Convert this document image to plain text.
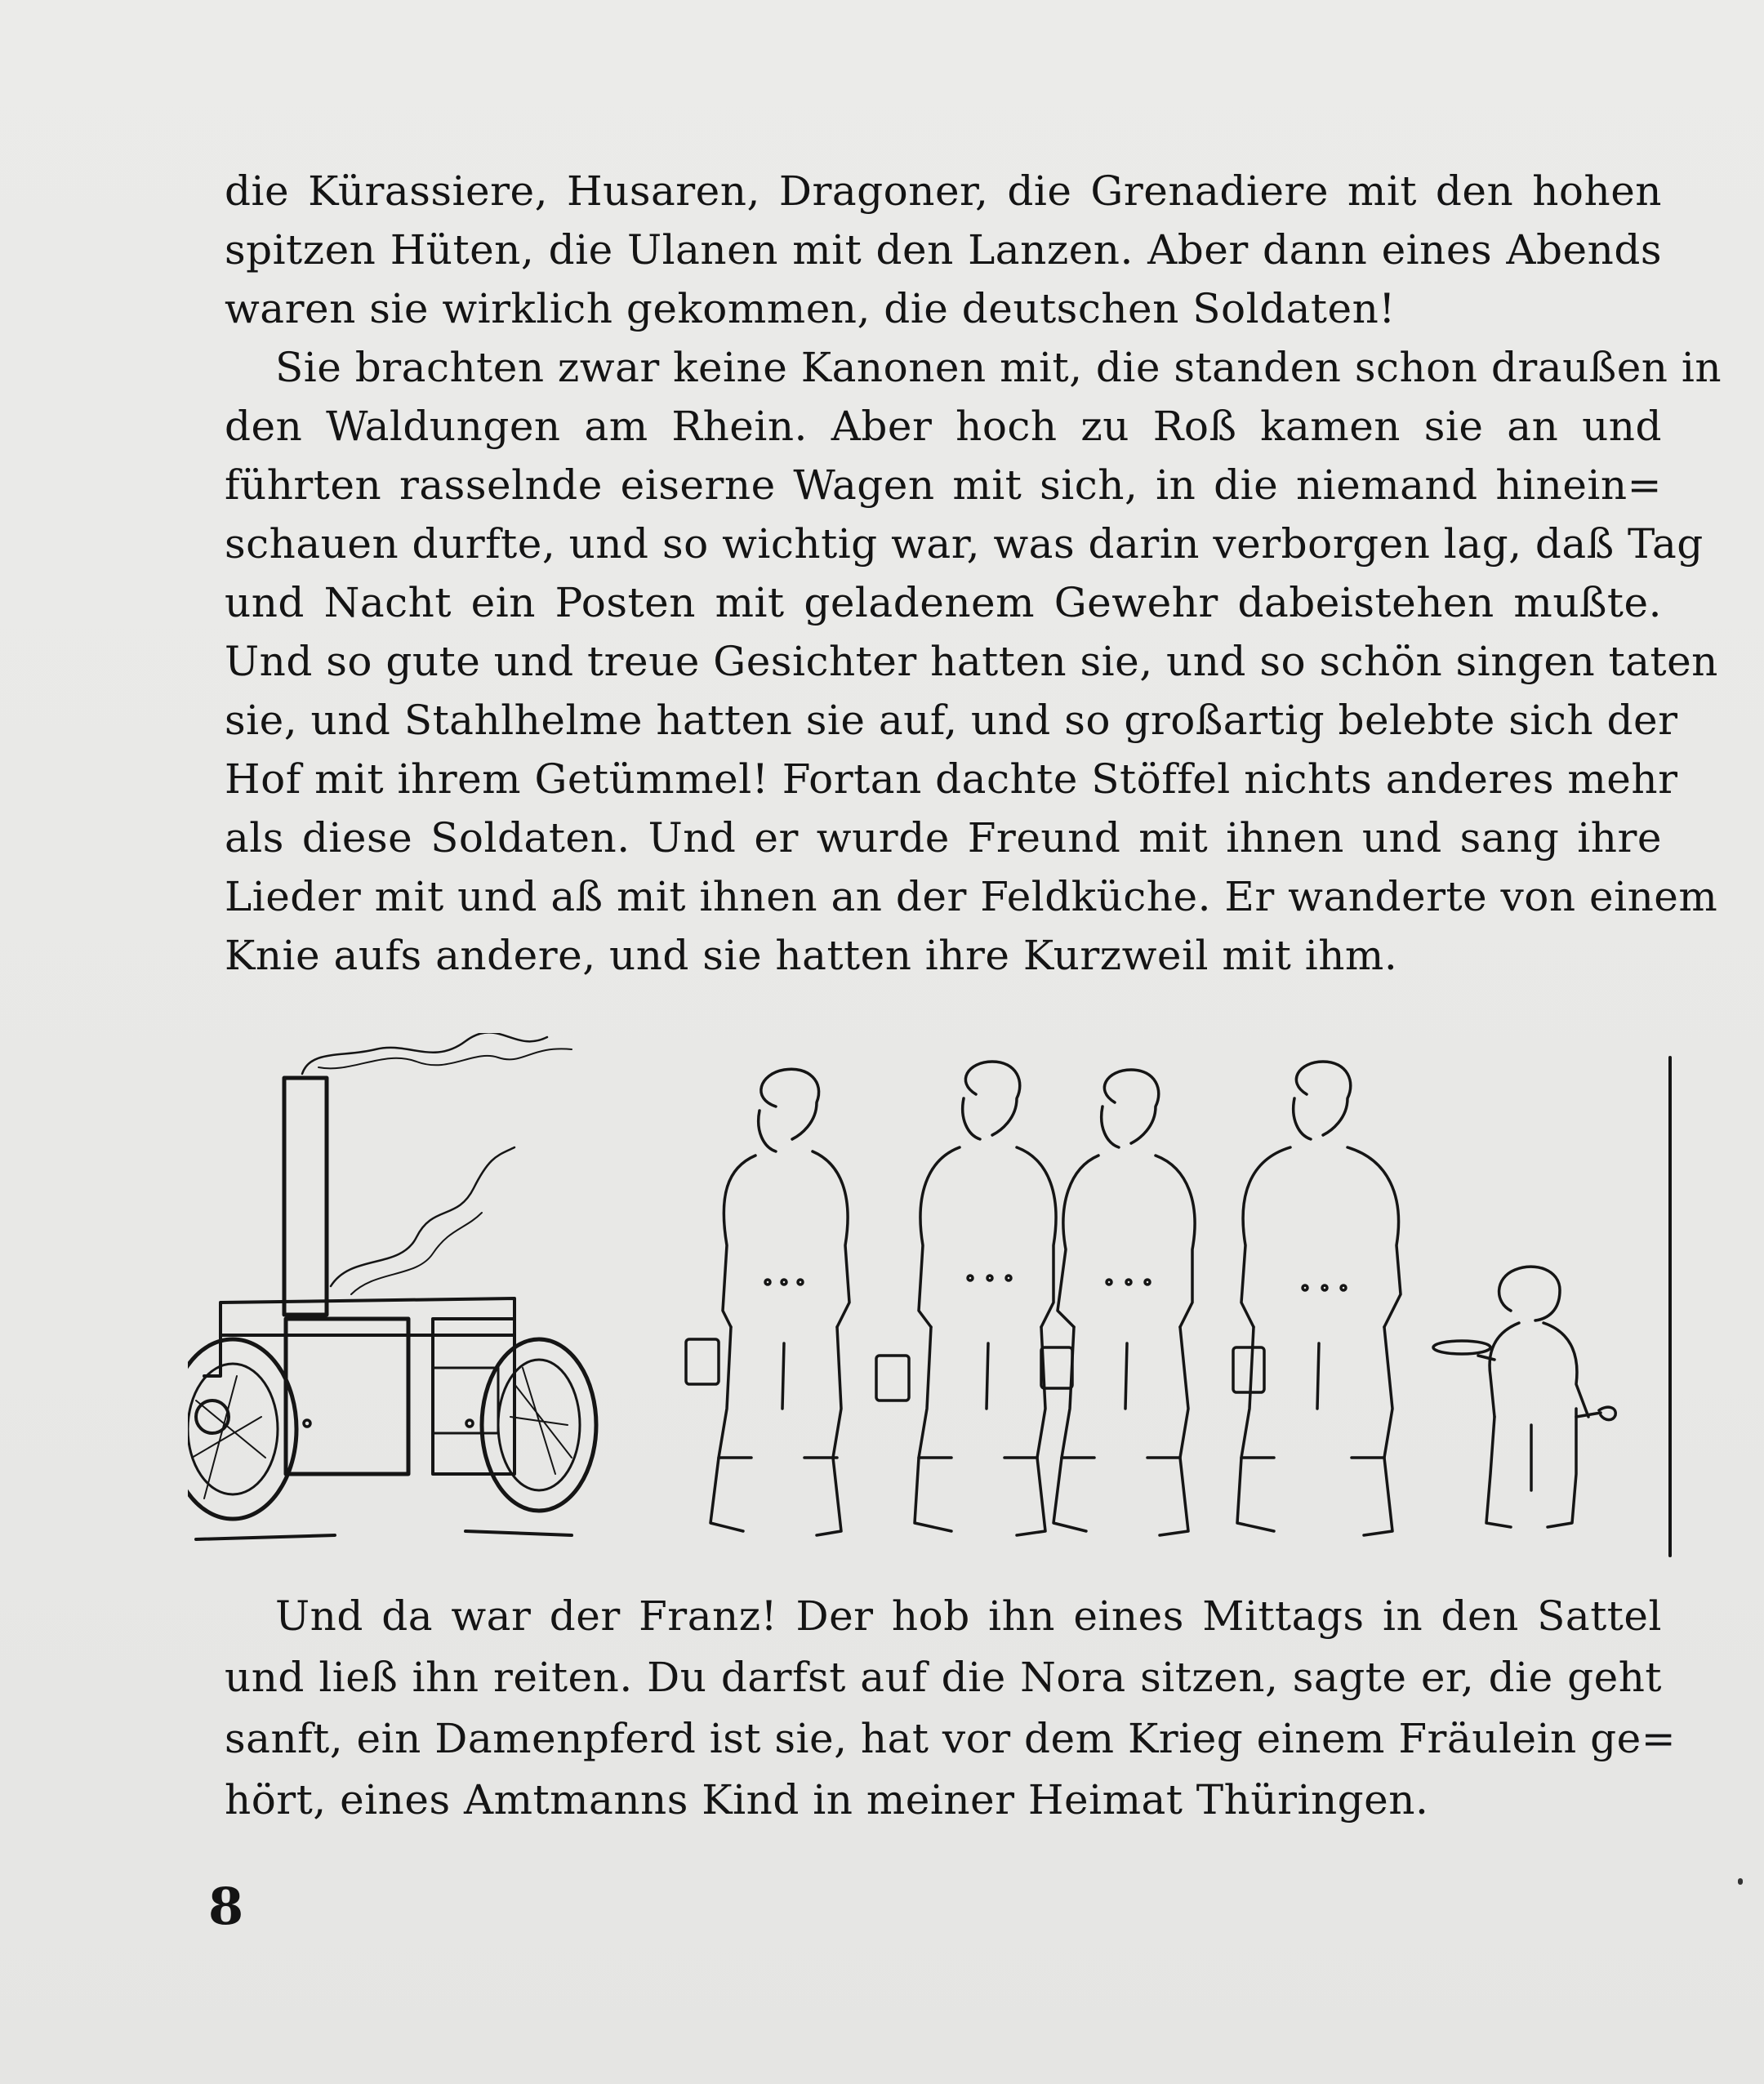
die Kürassiere, Husaren, Dragoner, die Grenadiere mit den hohen
spitzen Hüten, die Ulanen mit den Lanzen. Aber dann eines Abends
waren sie wirklich gekommen, die deutschen Soldaten!
Sie brachten zwar keine Kanonen mit, die standen schon draußen in
den Waldungen am Rhein. Aber hoch zu Roß kamen sie an und
führten rasselnde eiserne Wagen mit sich, in die niemand hinein=
schauen durfte, und so wichtig war, was darin verborgen lag, daß Tag
und Nacht ein Posten mit geladenem Gewehr dabeistehen mußte.
Und so gute und treue Gesichter hatten sie, und so schön singen taten
sie, und Stahlhelme hatten sie auf, und so großartig belebte sich der
Hof mit ihrem Getümmel! Fortan dachte Stöffel nichts anderes mehr
als diese Soldaten. Und er wurde Freund mit ihnen und sang ihre
Lieder mit und aß mit ihnen an der Feldküche. Er wanderte von einem
Knie aufs andere, und sie hatten ihre Kurzweil mit ihm.
Und da war der Franz! Der hob ihn eines Mittags in den Sattel
und ließ ihn reiten. Du darfst auf die Nora sitzen, sagte er, die geht
sanft, ein Damenpferd ist sie, hat vor dem Krieg einem Fräulein ge=
hört, eines Amtmanns Kind in meiner Heimat Thüringen.
8
